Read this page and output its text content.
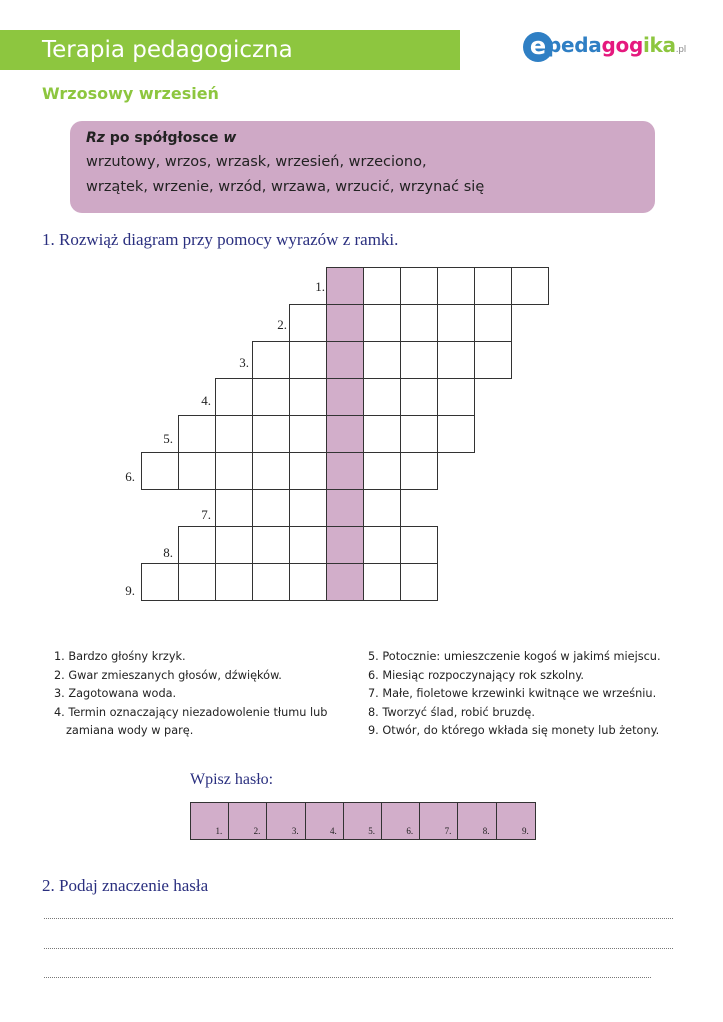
Terapia pedagogiczna	e pedagogika.pl
Wrzosowy wrzesień
Rz po spółgłosce w
wrzutowy, wrzos, wrzask, wrzesień, wrzeciono,
wrzątek, wrzenie, wrzód, wrzawa, wrzucić, wrzynać się
1. Rozwiąż diagram przy pomocy wyrazów z ramki.
1.
2.
3.
4.
5.
6.
7.
8.
9.
1. Bardzo głośny krzyk.
2. Gwar zmieszanych głosów, dźwięków.
3. Zagotowana woda.
4. Termin oznaczający niezadowolenie tłumu lub
zamiana wody w parę.
5. Potocznie: umieszczenie kogoś w jakimś miejscu.
6. Miesiąc rozpoczynający rok szkolny.
7. Małe, fioletowe krzewinki kwitnące we wrześniu.
8. Tworzyć ślad, robić bruzdę.
9. Otwór, do którego wkłada się monety lub żetony.
Wpisz hasło:
1.	2.	3.	4.	5.	6.	7.	8.	9.
2. Podaj znaczenie hasła
